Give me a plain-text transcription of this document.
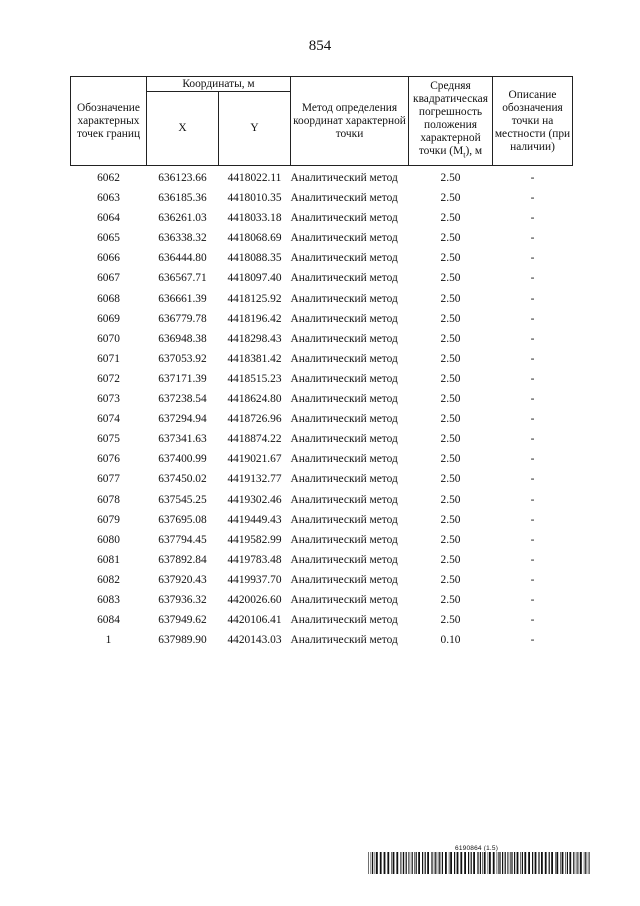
854
Обозначение характерных точек границ	Координаты, м		Метод определения координат характерной точки	Средняя квадратическая погрешность положения характерной точки $(M_t)$, м	Описание обозначения точки на местности (при наличии)
	X	Y			
6062	636123.66	4418022.11	Аналитический метод	2.50	-
6063	636185.36	4418010.35	Аналитический метод	2.50	-
6064	636261.03	4418033.18	Аналитический метод	2.50	-
6065	636338.32	4418068.69	Аналитический метод	2.50	-
6066	636444.80	4418088.35	Аналитический метод	2.50	-
6067	636567.71	4418097.40	Аналитический метод	2.50	-
6068	636661.39	4418125.92	Аналитический метод	2.50	-
6069	636779.78	4418196.42	Аналитический метод	2.50	-
6070	636948.38	4418298.43	Аналитический метод	2.50	-
6071	637053.92	4418381.42	Аналитический метод	2.50	-
6072	637171.39	4418515.23	Аналитический метод	2.50	-
6073	637238.54	4418624.80	Аналитический метод	2.50	-
6074	637294.94	4418726.96	Аналитический метод	2.50	-
6075	637341.63	4418874.22	Аналитический метод	2.50	-
6076	637400.99	4419021.67	Аналитический метод	2.50	-
6077	637450.02	4419132.77	Аналитический метод	2.50	-
6078	637545.25	4419302.46	Аналитический метод	2.50	-
6079	637695.08	4419449.43	Аналитический метод	2.50	-
6080	637794.45	4419582.99	Аналитический метод	2.50	-
6081	637892.84	4419783.48	Аналитический метод	2.50	-
6082	637920.43	4419937.70	Аналитический метод	2.50	-
6083	637936.32	4420026.60	Аналитический метод	2.50	-
6084	637949.62	4420106.41	Аналитический метод	2.50	-
1	637989.90	4420143.03	Аналитический метод	0.10	-
6190864 (1.5)
